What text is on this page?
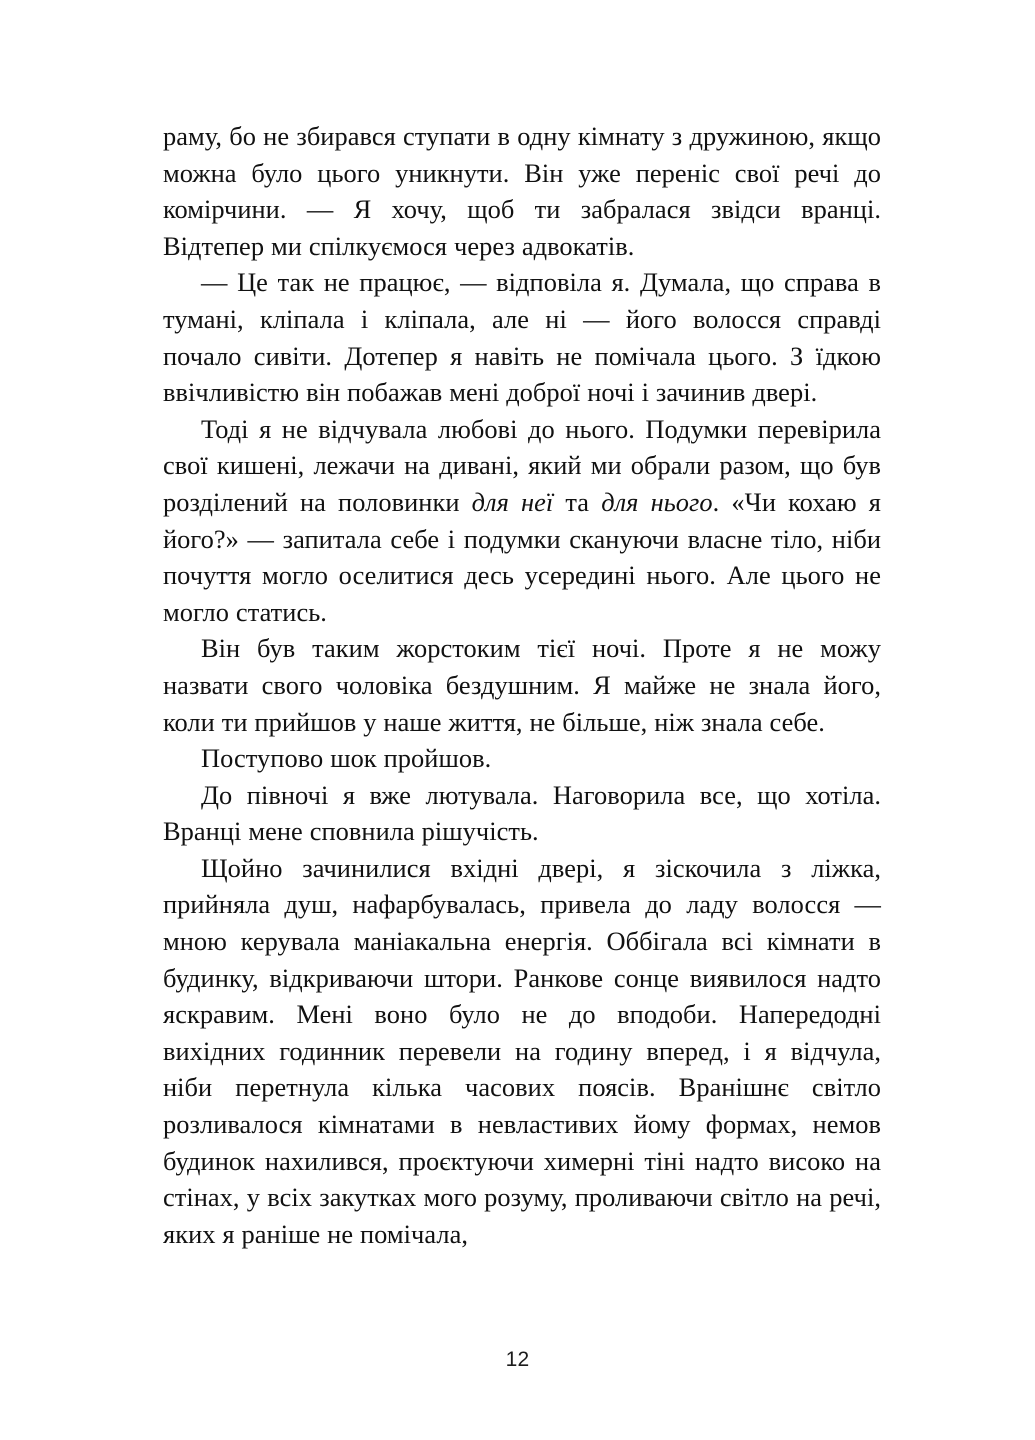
раму, бо не збирався ступати в одну кімнату з дружиною, якщо можна було цього уникнути. Він уже переніс свої речі до комірчини. — Я хочу, щоб ти забралася звідси вранці. Відтепер ми спілкуємося через адвокатів.

— Це так не працює, — відповіла я. Думала, що справа в тумані, кліпала і кліпала, але ні — його волосся справді почало сивіти. Дотепер я навіть не помічала цього. З їдкою ввічливістю він побажав мені доброї ночі і зачинив двері.

Тоді я не відчувала любові до нього. Подумки перевірила свої кишені, лежачи на дивані, який ми обрали разом, що був розділений на половинки для неї та для нього. «Чи кохаю я його?» — запитала себе і подумки скануючи власне тіло, ніби почуття могло оселитися десь усередині нього. Але цього не могло статись.

Він був таким жорстоким тієї ночі. Проте я не можу назвати свого чоловіка бездушним. Я майже не знала його, коли ти прийшов у наше життя, не більше, ніж знала себе.

Поступово шок пройшов.

До півночі я вже лютувала. Наговорила все, що хотіла. Вранці мене сповнила рішучість.

Щойно зачинилися вхідні двері, я зіскочила з ліжка, прийняла душ, нафарбувалась, привела до ладу волосся — мною керувала маніакальна енергія. Оббігала всі кімнати в будинку, відкриваючи штори. Ранкове сонце виявилося надто яскравим. Мені воно було не до вподоби. Напередодні вихідних годинник перевели на годину вперед, і я відчула, ніби перетнула кілька часових поясів. Вранішнє світло розливалося кімнатами в невластивих йому формах, немов будинок нахилився, проєктуючи химерні тіні надто високо на стінах, у всіх закутках мого розуму, проливаючи світло на речі, яких я раніше не помічала,

12
